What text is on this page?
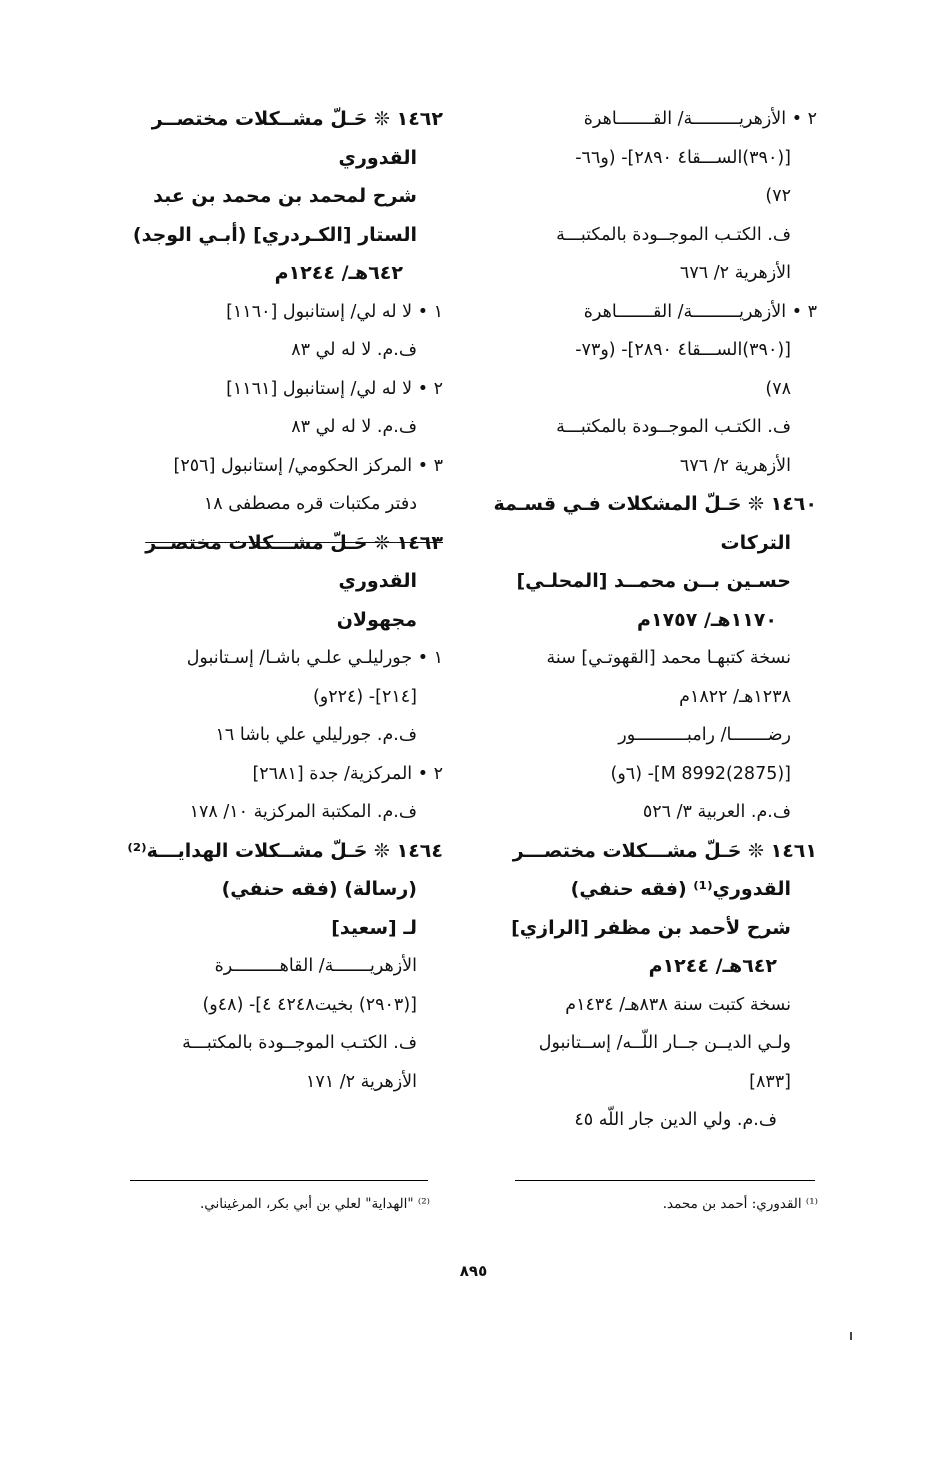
٢ • الأزهريـــــــــة/ القـــــــاهرة
[(٣٩٠)الســـقا٤ ٢٨٩٠]- (و٦٦-
٧٢)
ف. الكتـب الموجــودة بالمكتبـــة
الأزهرية ٢/ ٦٧٦
٣ • الأزهريـــــــــة/ القـــــــاهرة
[(٣٩٠)الســـقا٤ ٢٨٩٠]- (و٧٣-
٧٨)
ف. الكتـب الموجــودة بالمكتبـــة
الأزهرية ٢/ ٦٧٦
١٤٦٠ ❊ حَـلّ المشكلات فـي قسـمة
التركات
حسـين بــن محمــد [المحلـي]
١١٧٠هـ/ ١٧٥٧م
نسخة كتبهـا محمد [القهوتـي] سنة
١٢٣٨هـ/ ١٨٢٢م
رضـــــــا/ رامبــــــــــور
[(2875)8992 M]- (٦و)
ف.م. العربية ٣/ ٥٢٦
١٤٦١ ❊ حَـلّ مشـــكلات مختصـــر
القدوري⁽¹⁾ (فقه حنفي)
شرح لأحمد بن مظفر [الرازي]
٦٤٢هـ/ ١٢٤٤م
نسخة كتبت سنة ٨٣٨هـ/ ١٤٣٤م
ولـي الديــن جــار اللّــه/ إســتانبول
[٨٣٣]
ف.م. ولي الدين جار اللّه ٤٥
١٤٦٢ ❊ حَـلّ مشــكلات مختصــر
القدوري
شرح لمحمد بن محمد بن عبد
الستار [الكـردري] (أبـي الوجد)
٦٤٢هـ/ ١٢٤٤م
١ • لا له لي/ إستانبول [١١٦٠]
ف.م. لا له لي ٨٣
٢ • لا له لي/ إستانبول [١١٦١]
ف.م. لا له لي ٨٣
٣ • المركز الحكومي/ إستانبول [٢٥٦]
دفتر مكتبات قره مصطفى ١٨
١٤٦٣ ❊ حَـلّ مشـــكلات مختصــر
القدوري
مجهولان
١ • جورليلـي علـي باشـا/ إسـتانبول
[٢١٤]- (٢٢٤و)
ف.م. جورليلي علي باشا ١٦
٢ • المركزية/ جدة [٢٦٨١]
ف.م. المكتبة المركزية ١٠/ ١٧٨
١٤٦٤ ❊ حَـلّ مشــكلات الهدايـــة⁽²⁾
(رسالة) (فقه حنفي)
لـ [سعيد]
الأزهريـــــــة/ القاهـــــــــرة
[(٢٩٠٣) بخيت٤٢٤٨ ٤]- (٤٨و)
ف. الكتـب الموجــودة بالمكتبـــة
الأزهرية ٢/ ١٧١
⁽¹⁾ القدوري: أحمد بن محمد.
⁽²⁾ "الهداية" لعلي بن أبي بكر، المرغيناني.
٨٩٥
